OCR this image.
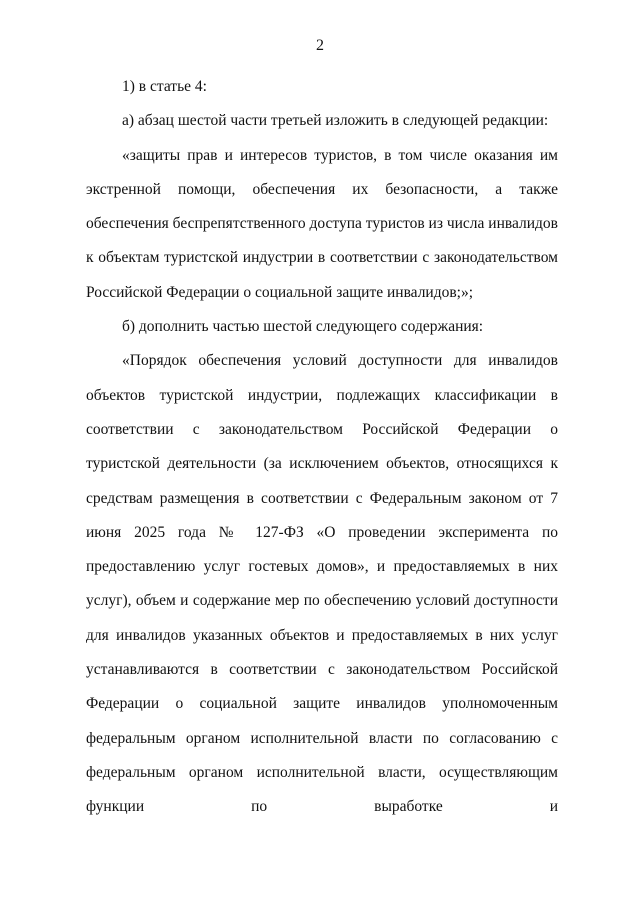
2

1) в статье 4:

а) абзац шестой части третьей изложить в следующей редакции:

«защиты прав и интересов туристов, в том числе оказания им экстренной помощи, обеспечения их безопасности, а также обеспечения беспрепятственного доступа туристов из числа инвалидов к объектам туристской индустрии в соответствии с законодательством Российской Федерации о социальной защите инвалидов;»;

б) дополнить частью шестой следующего содержания:

«Порядок обеспечения условий доступности для инвалидов объектов туристской индустрии, подлежащих классификации в соответствии с законодательством Российской Федерации о туристской деятельности (за исключением объектов, относящихся к средствам размещения в соответствии с Федеральным законом от 7 июня 2025 года № 127-ФЗ «О проведении эксперимента по предоставлению услуг гостевых домов», и предоставляемых в них услуг), объем и содержание мер по обеспечению условий доступности для инвалидов указанных объектов и предоставляемых в них услуг устанавливаются в соответствии с законодательством Российской Федерации о социальной защите инвалидов уполномоченным федеральным органом исполнительной власти по согласованию с федеральным органом исполнительной власти, осуществляющим функции по выработке и
